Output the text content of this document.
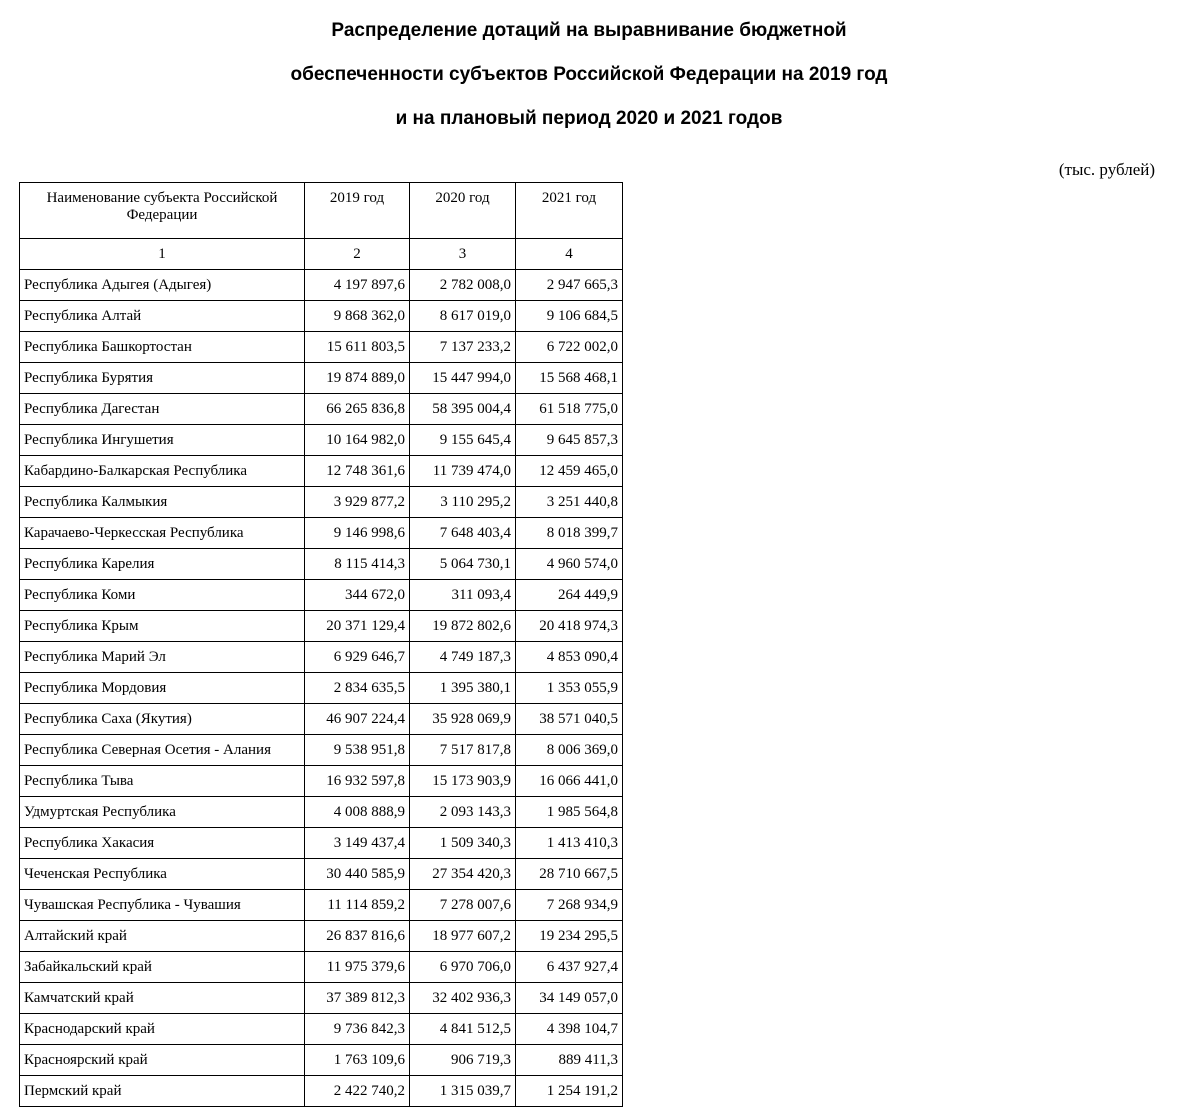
Распределение дотаций на выравнивание бюджетной
обеспеченности субъектов Российской Федерации на 2019 год
и на плановый период 2020 и 2021 годов
(тыс. рублей)
Наименование субъекта Российской Федерации	2019 год	2020 год	2021 год
1	2	3	4
Республика Адыгея (Адыгея)	4 197 897,6	2 782 008,0	2 947 665,3
Республика Алтай	9 868 362,0	8 617 019,0	9 106 684,5
Республика Башкортостан	15 611 803,5	7 137 233,2	6 722 002,0
Республика Бурятия	19 874 889,0	15 447 994,0	15 568 468,1
Республика Дагестан	66 265 836,8	58 395 004,4	61 518 775,0
Республика Ингушетия	10 164 982,0	9 155 645,4	9 645 857,3
Кабардино-Балкарская Республика	12 748 361,6	11 739 474,0	12 459 465,0
Республика Калмыкия	3 929 877,2	3 110 295,2	3 251 440,8
Карачаево-Черкесская Республика	9 146 998,6	7 648 403,4	8 018 399,7
Республика Карелия	8 115 414,3	5 064 730,1	4 960 574,0
Республика Коми	344 672,0	311 093,4	264 449,9
Республика Крым	20 371 129,4	19 872 802,6	20 418 974,3
Республика Марий Эл	6 929 646,7	4 749 187,3	4 853 090,4
Республика Мордовия	2 834 635,5	1 395 380,1	1 353 055,9
Республика Саха (Якутия)	46 907 224,4	35 928 069,9	38 571 040,5
Республика Северная Осетия - Алания	9 538 951,8	7 517 817,8	8 006 369,0
Республика Тыва	16 932 597,8	15 173 903,9	16 066 441,0
Удмуртская Республика	4 008 888,9	2 093 143,3	1 985 564,8
Республика Хакасия	3 149 437,4	1 509 340,3	1 413 410,3
Чеченская Республика	30 440 585,9	27 354 420,3	28 710 667,5
Чувашская Республика - Чувашия	11 114 859,2	7 278 007,6	7 268 934,9
Алтайский край	26 837 816,6	18 977 607,2	19 234 295,5
Забайкальский край	11 975 379,6	6 970 706,0	6 437 927,4
Камчатский край	37 389 812,3	32 402 936,3	34 149 057,0
Краснодарский край	9 736 842,3	4 841 512,5	4 398 104,7
Красноярский край	1 763 109,6	906 719,3	889 411,3
Пермский край	2 422 740,2	1 315 039,7	1 254 191,2
